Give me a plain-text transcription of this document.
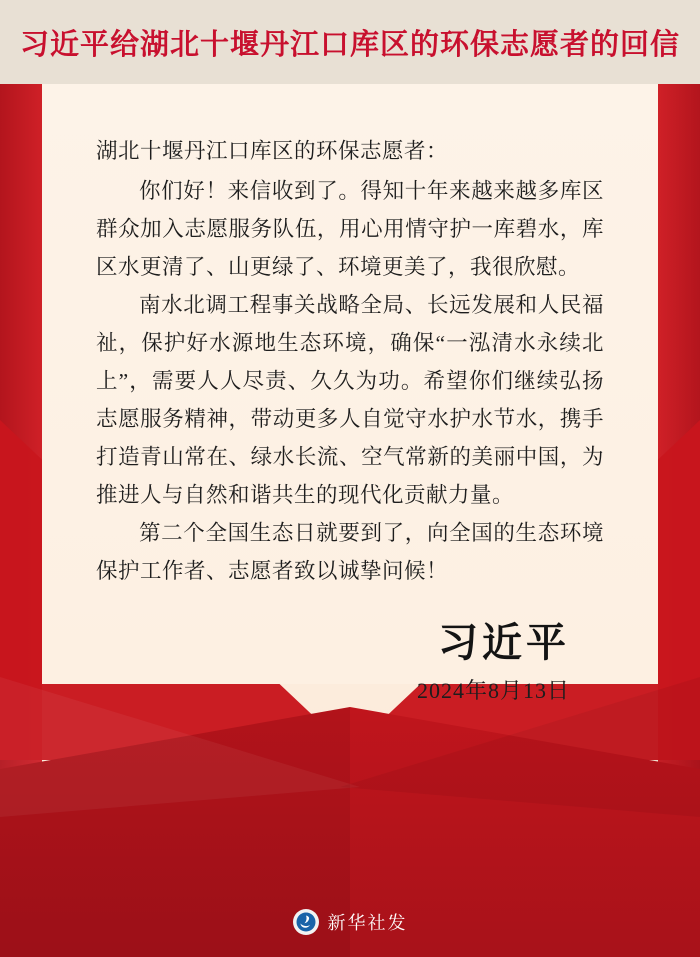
习近平给湖北十堰丹江口库区的环保志愿者的回信

湖北十堰丹江口库区的环保志愿者：

你们好！来信收到了。得知十年来越来越多库区群众加入志愿服务队伍，用心用情守护一库碧水，库区水更清了、山更绿了、环境更美了，我很欣慰。

南水北调工程事关战略全局、长远发展和人民福祉，保护好水源地生态环境，确保“一泓清水永续北上”，需要人人尽责、久久为功。希望你们继续弘扬志愿服务精神，带动更多人自觉守水护水节水，携手打造青山常在、绿水长流、空气常新的美丽中国，为推进人与自然和谐共生的现代化贡献力量。

第二个全国生态日就要到了，向全国的生态环境保护工作者、志愿者致以诚挚问候！

习近平
2024年8月13日
新华社发
